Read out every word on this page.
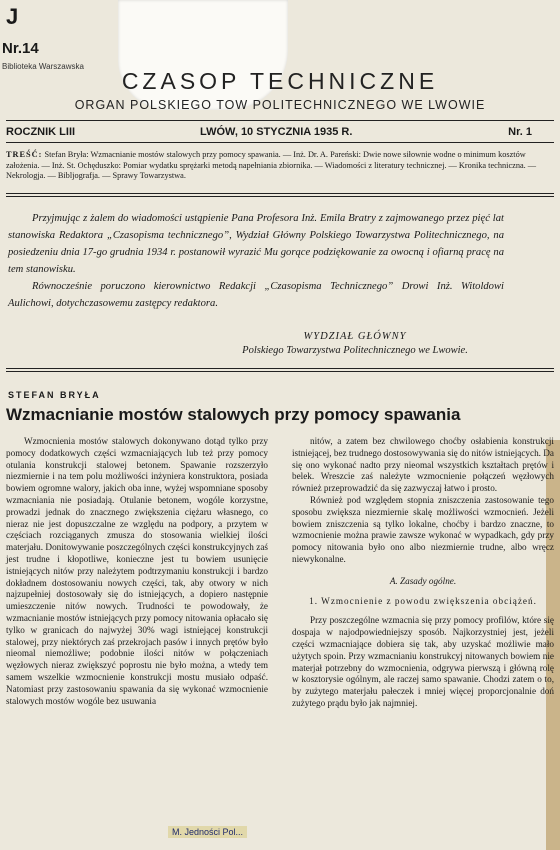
J
Nr.14
Biblioteka Warszawska
CZASOP TECHNICZNE
ORGAN POLSKIEGO TOW POLITECHNICZNEGO WE LWOWIE
ROCZNIK LIII	LWÓW, 10 STYCZNIA 1935 R.	Nr. 1
TREŚĆ: Stefan Bryła: Wzmacnianie mostów stalowych przy pomocy spawania. — Inż. Dr. A. Pareński: Dwie nowe siłownie wodne o minimum kosztów założenia. — Inż. St. Ochęduszko: Pomiar wydatku sprężarki metodą napełniania zbiornika. — Wiadomości z literatury technicznej. — Kronika techniczna. — Nekrologja. — Bibljografja. — Sprawy Towarzystwa.

Przyjmując z żalem do wiadomości ustąpienie Pana Profesora Inż. Emila Bratry z zajmowanego przez pięć lat stanowiska Redaktora „Czasopisma technicznego”, Wydział Główny Polskiego Towarzystwa Politechnicznego, na posiedzeniu dnia 17-go grudnia 1934 r. postanowił wyrazić Mu gorące podziękowanie za owocną i ofiarną pracę na tem stanowisku.

Równocześnie poruczono kierownictwo Redakcji „Czasopisma Technicznego” Drowi Inż. Witoldowi Aulichowi, dotychczasowemu zastępcy redaktora.

WYDZIAŁ GŁÓWNY
Polskiego Towarzystwa Politechnicznego we Lwowie.
STEFAN BRYŁA
Wzmacnianie mostów stalowych przy pomocy spawania

Wzmocnienia mostów stalowych dokonywano dotąd tylko przy pomocy dodatkowych części wzmacniających lub też przy pomocy otulania konstrukcji stalowej betonem. Spawanie rozszerzyło niezmiernie i na tem polu możliwości inżyniera konstruktora, posiada bowiem ogromne walory, jakich oba inne, wyżej wspomniane sposoby wzmacniania nie posiadają. Otulanie betonem, wogóle korzystne, prowadzi jednak do znacznego zwiększenia ciężaru własnego, co nieraz nie jest dopuszczalne ze względu na podpory, a przytem w częściach rozciąganych zmusza do stosowania wielkiej ilości materjału. Donitowywanie poszczególnych części konstrukcyjnych zaś jest trudne i kłopotliwe, konieczne jest tu bowiem usunięcie istniejących nitów przy należytem podtrzymaniu konstrukcji i bardzo dokładnem dostosowaniu nowych części, tak, aby otwory w nich najzupełniej dostosowały się do istniejących, a dopiero następnie umieszczenie nitów nowych. Trudności te powodowały, że wzmacnianie mostów istniejących przy pomocy nitowania opłacało się tylko w granicach do najwyżej 30% wagi istniejącej konstrukcji stalowej, przy niektórych zaś przekrojach pasów i innych prętów było nieomal niemożliwe; podobnie ilości nitów w połączeniach węzłowych nieraz zwiększyć poprostu nie było można, a wtedy tem samem wszelkie wzmocnienie konstrukcji mostu musiało odpaść. Natomiast przy zastosowaniu spawania da się wykonać wzmocnienie stalowych mostów wogóle bez usuwania

nitów, a zatem bez chwilowego choćby osłabienia konstrukcji istniejącej, bez trudnego dostosowywania się do nitów istniejących. Da się ono wykonać nadto przy nieomal wszystkich kształtach prętów i belek. Wreszcie zaś należyte wzmocnienie połączeń węzłowych również przeprowadzić da się zazwyczaj łatwo i prosto.

Również pod względem stopnia zniszczenia zastosowanie tego sposobu zwiększa niezmiernie skalę możliwości wzmocnień. Jeżeli bowiem zniszczenia są tylko lokalne, choćby i bardzo znaczne, to wzmocnienie można prawie zawsze wykonać w wypadkach, gdy przy pomocy nitowania było ono albo niezmiernie trudne, albo wręcz niewykonalne.

A. Zasady ogólne.
1. Wzmocnienie z powodu zwiększenia obciążeń.

Przy poszczególne wzmacnia się przy pomocy profilów, które się dospaja w najodpowiedniejszy sposób. Najkorzystniej jest, jeżeli części wzmacniające dobiera się tak, aby uzyskać możliwie mało użytych spoin. Przy wzmacnianiu konstrukcyj nitowanych bowiem nie materjał potrzebny do wzmocnienia, odgrywa pierwszą i główną rolę w kosztorysie ogólnym, ale raczej samo spawanie. Chodzi zatem o to, by zużytego materjału pałeczek i mniej więcej proporcjonalnie doń zużytego prądu było jak najmniej.

M. Jedności Pol...
